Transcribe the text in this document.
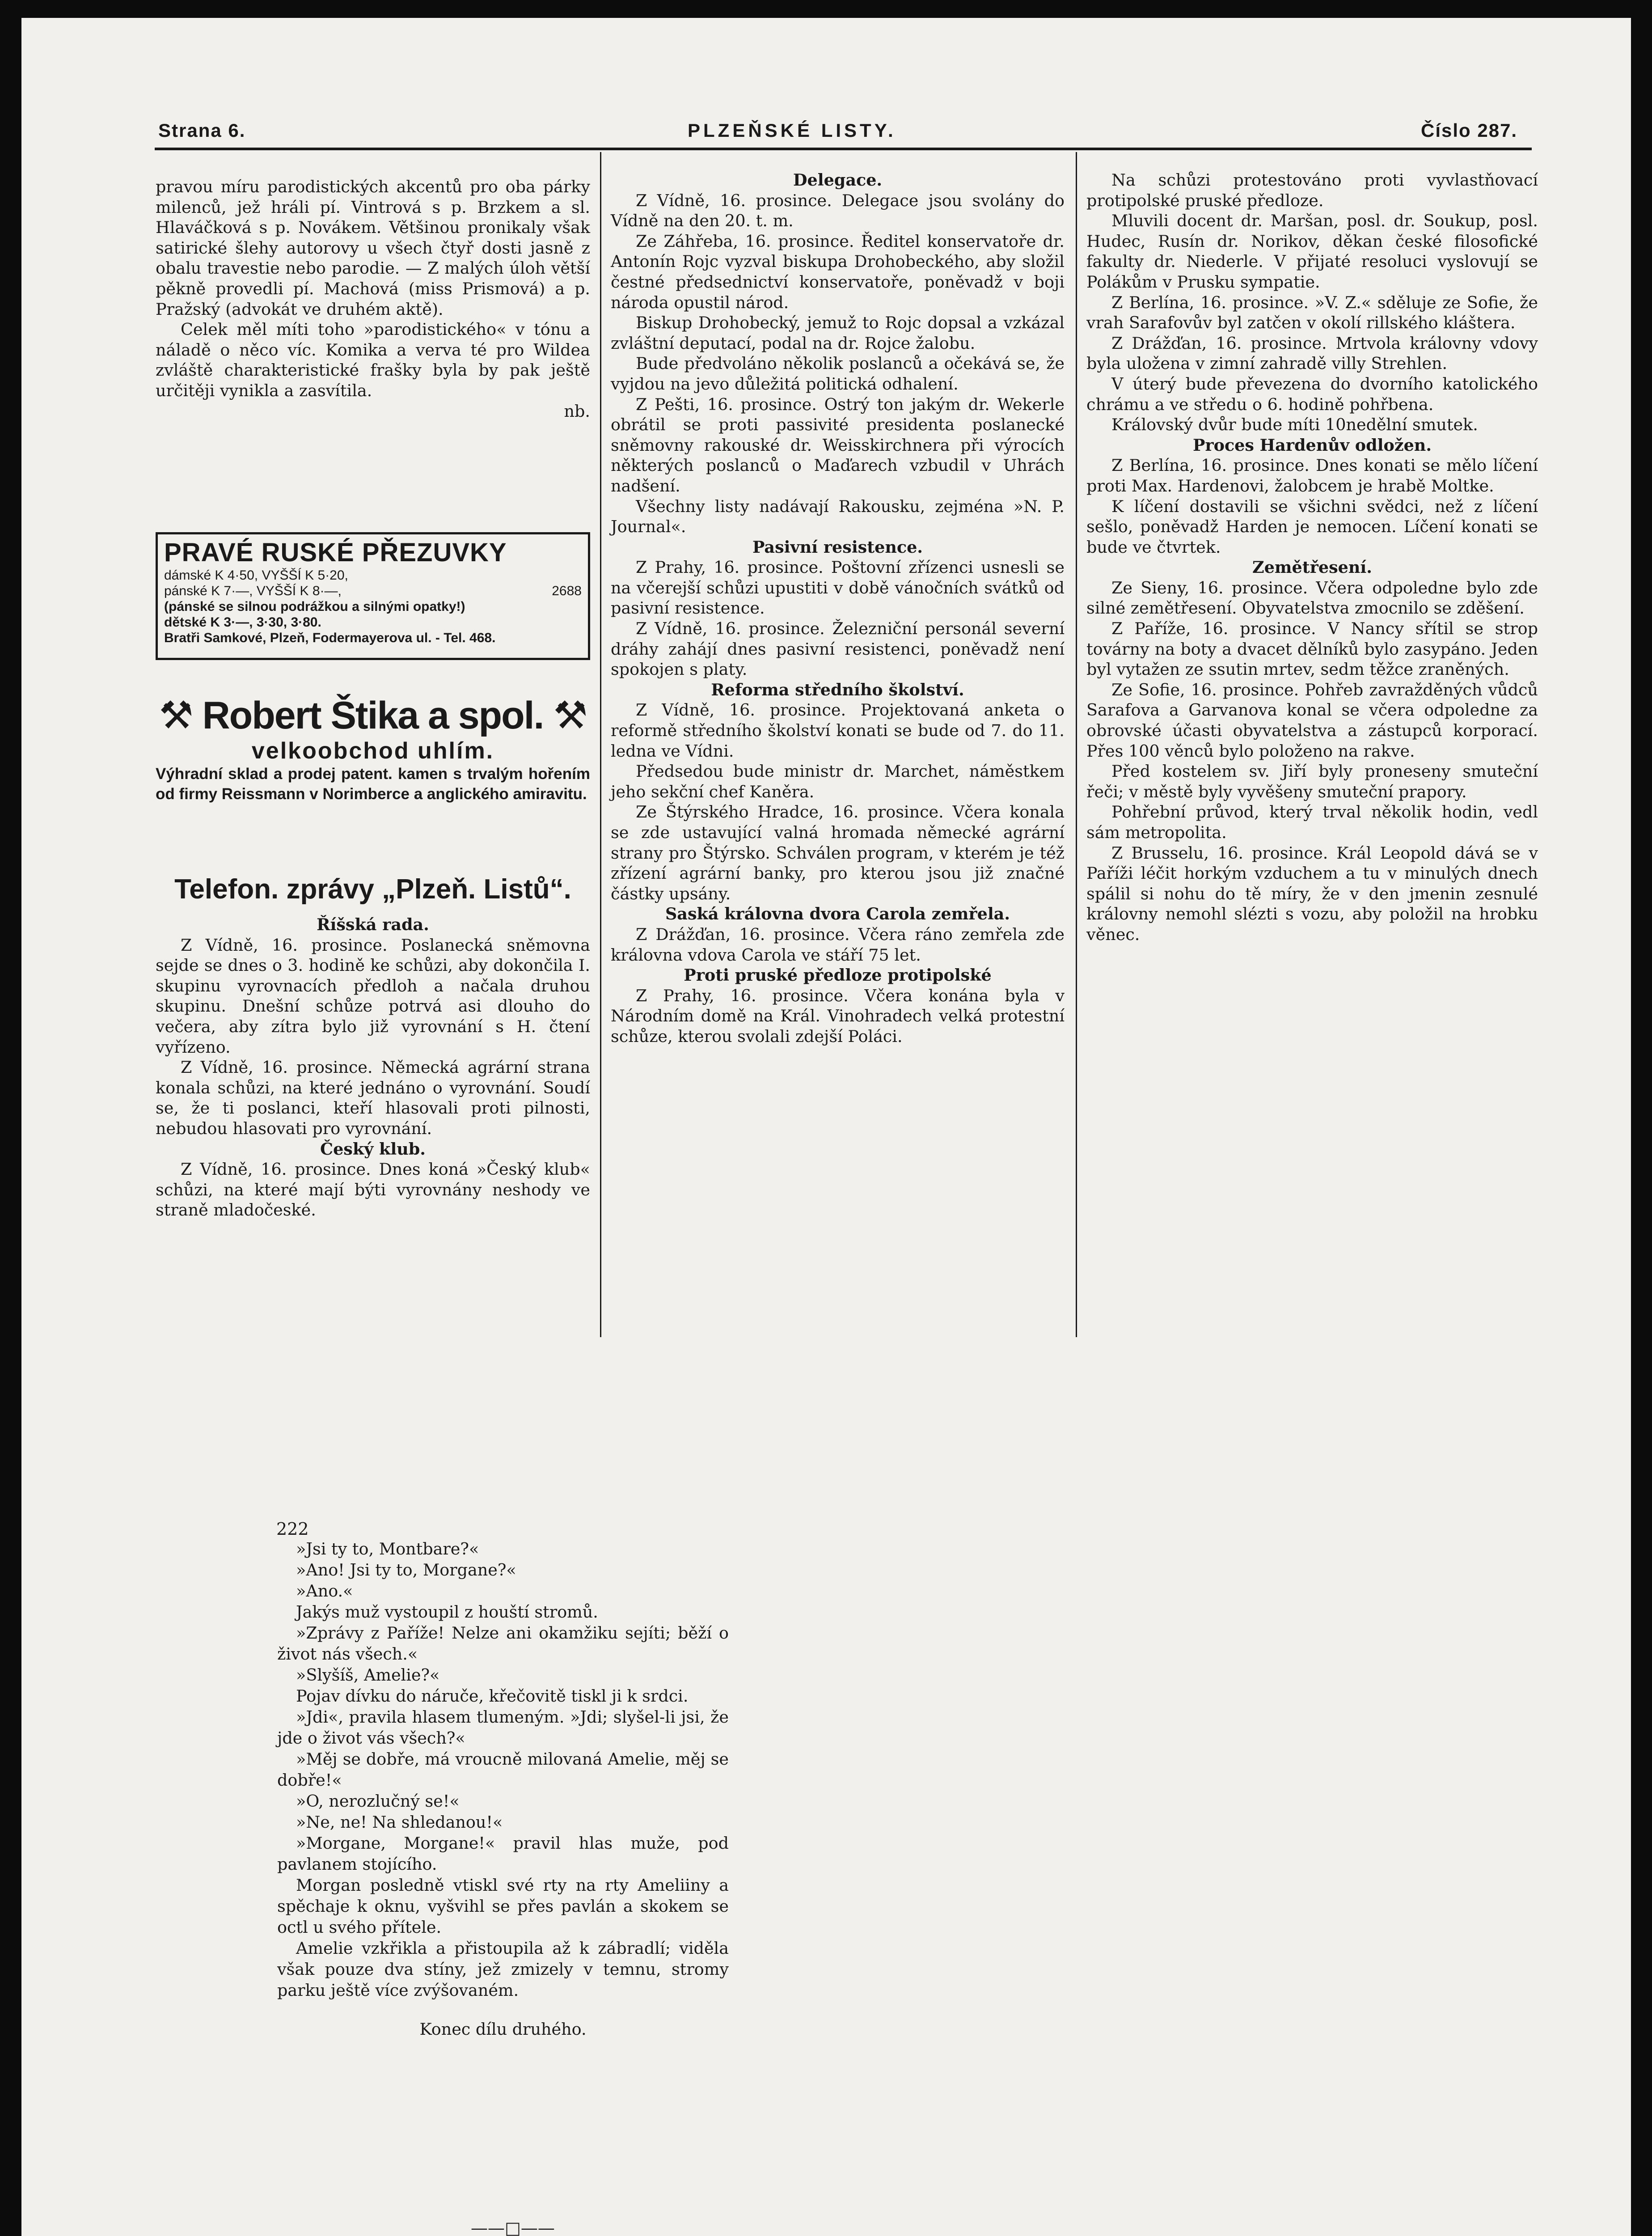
Strana 6.	PLZEŇSKÉ LISTY.	Číslo 287.

pravou míru parodistických akcentů pro oba párky milenců, jež hráli pí. Vintrová s p. Brzkem a sl. Hlaváčková s p. Novákem. Většinou pronikaly však satirické šlehy autorovy u všech čtyř dosti jasně z obalu travestie nebo parodie. — Z malých úloh větší pěkně provedli pí. Machová (miss Prismová) a p. Pražský (advokát ve druhém aktě).

Celek měl míti toho »parodistického« v tónu a náladě o něco víc. Komika a verva té pro Wildea zvláště charakteristické frašky byla by pak ještě určitěji vynikla a zasvítila.

nb.

PRAVÉ RUSKÉ PŘEZUVKY
dámské K 4·50, VYŠŠÍ K 5·20,
pánské K 7·—, VYŠŠÍ K 8·—,	2688
(pánské se silnou podrážkou a silnými opatky!)
dětské K 3·—, 3·30, 3·80.
Bratři Samkové, Plzeň, Fodermayerova ul. - Tel. 468.
⚒ Robert Štika a spol. ⚒
velkoobchod uhlím.
Výhradní sklad a prodej patent. kamen s trvalým hořením od firmy Reissmann v Norimberce a anglického amiravitu.
Telefon. zprávy „Plzeň. Listů“.

Říšská rada.

Z Vídně, 16. prosince. Poslanecká sněmovna sejde se dnes o 3. hodině ke schůzi, aby dokončila I. skupinu vyrovnacích předloh a načala druhou skupinu. Dnešní schůze potrvá asi dlouho do večera, aby zítra bylo již vyrovnání s H. čtení vyřízeno.

Z Vídně, 16. prosince. Německá agrární strana konala schůzi, na které jednáno o vyrovnání. Soudí se, že ti poslanci, kteří hlasovali proti pilnosti, nebudou hlasovati pro vyrovnání.

Český klub.

Z Vídně, 16. prosince. Dnes koná »Český klub« schůzi, na které mají býti vyrovnány neshody ve straně mladočeské.

Delegace.

Z Vídně, 16. prosince. Delegace jsou svolány do Vídně na den 20. t. m.

Ze Záhřeba, 16. prosince. Ředitel konservatoře dr. Antonín Rojc vyzval biskupa Drohobeckého, aby složil čestné předsednictví konservatoře, poněvadž v boji národa opustil národ.

Biskup Drohobecký, jemuž to Rojc dopsal a vzkázal zvláštní deputací, podal na dr. Rojce žalobu.

Bude předvoláno několik poslanců a očekává se, že vyjdou na jevo důležitá politická odhalení.

Z Pešti, 16. prosince. Ostrý ton jakým dr. Wekerle obrátil se proti passivité presidenta poslanecké sněmovny rakouské dr. Weisskirchnera při výrocích některých poslanců o Maďarech vzbudil v Uhrách nadšení.

Všechny listy nadávají Rakousku, zejména »N. P. Journal«.

Pasivní resistence.

Z Prahy, 16. prosince. Poštovní zřízenci usnesli se na včerejší schůzi upustiti v době vánočních svátků od pasivní resistence.

Z Vídně, 16. prosince. Železniční personál severní dráhy zahájí dnes pasivní resistenci, poněvadž není spokojen s platy.

Reforma středního školství.

Z Vídně, 16. prosince. Projektovaná anketa o reformě středního školství konati se bude od 7. do 11. ledna ve Vídni.

Předsedou bude ministr dr. Marchet, náměstkem jeho sekční chef Kaněra.

Ze Štýrského Hradce, 16. prosince. Včera konala se zde ustavující valná hromada německé agrární strany pro Štýrsko. Schválen program, v kterém je též zřízení agrární banky, pro kterou jsou již značné částky upsány.

Saská královna dvora Carola zemřela.

Z Drážďan, 16. prosince. Včera ráno zemřela zde královna vdova Carola ve stáří 75 let.

Proti pruské předloze protipolské

Z Prahy, 16. prosince. Včera konána byla v Národním domě na Král. Vinohradech velká protestní schůze, kterou svolali zdejší Poláci.

Na schůzi protestováno proti vyvlastňovací protipolské pruské předloze.

Mluvili docent dr. Maršan, posl. dr. Soukup, posl. Hudec, Rusín dr. Norikov, děkan české filosofické fakulty dr. Niederle. V přijaté resoluci vyslovují se Polákům v Prusku sympatie.

Z Berlína, 16. prosince. »V. Z.« sděluje ze Sofie, že vrah Sarafovův byl zatčen v okolí rillského kláštera.

Z Drážďan, 16. prosince. Mrtvola královny vdovy byla uložena v zimní zahradě villy Strehlen.

V úterý bude převezena do dvorního katolického chrámu a ve středu o 6. hodině pohřbena.

Královský dvůr bude míti 10nedělní smutek.

Proces Hardenův odložen.

Z Berlína, 16. prosince. Dnes konati se mělo líčení proti Max. Hardenovi, žalobcem je hrabě Moltke.

K líčení dostavili se všichni svědci, než z líčení sešlo, poněvadž Harden je nemocen. Líčení konati se bude ve čtvrtek.

Zemětřesení.

Ze Sieny, 16. prosince. Včera odpoledne bylo zde silné zemětřesení. Obyvatelstva zmocnilo se zděšení.

Z Paříže, 16. prosince. V Nancy sřítil se strop továrny na boty a dvacet dělníků bylo zasypáno. Jeden byl vytažen ze ssutin mrtev, sedm těžce zraněných.

Ze Sofie, 16. prosince. Pohřeb zavražděných vůdců Sarafova a Garvanova konal se včera odpoledne za obrovské účasti obyvatelstva a zástupců korporací. Přes 100 věnců bylo položeno na rakve.

Před kostelem sv. Jiří byly proneseny smuteční řeči; v městě byly vyvěšeny smuteční prapory.

Pohřební průvod, který trval několik hodin, vedl sám metropolita.

Z Brusselu, 16. prosince. Král Leopold dává se v Paříži léčit horkým vzduchem a tu v minulých dnech spálil si nohu do tě míry, že v den jmenin zesnulé královny nemohl slézti s vozu, aby položil na hrobku věnec.

222

»Jsi ty to, Montbare?«

»Ano! Jsi ty to, Morgane?«

»Ano.«

Jakýs muž vystoupil z houští stromů.

»Zprávy z Paříže! Nelze ani okamžiku sejíti; běží o život nás všech.«

»Slyšíš, Amelie?«

Pojav dívku do náruče, křečovitě tiskl ji k srdci.

»Jdi«, pravila hlasem tlumeným. »Jdi; slyšel-li jsi, že jde o život vás všech?«

»Měj se dobře, má vroucně milovaná Amelie, měj se dobře!«

»O, nerozlučný se!«

»Ne, ne! Na shledanou!«

»Morgane, Morgane!« pravil hlas muže, pod pavlanem stojícího.

Morgan posledně vtiskl své rty na rty Ameliiny a spěchaje k oknu, vyšvihl se přes pavlán a skokem se octl u svého přítele.

Amelie vzkřikla a přistoupila až k zábradlí; viděla však pouze dva stíny, jež zmizely v temnu, stromy parku ještě více zvýšovaném.

Konec dílu druhého.

——□——
